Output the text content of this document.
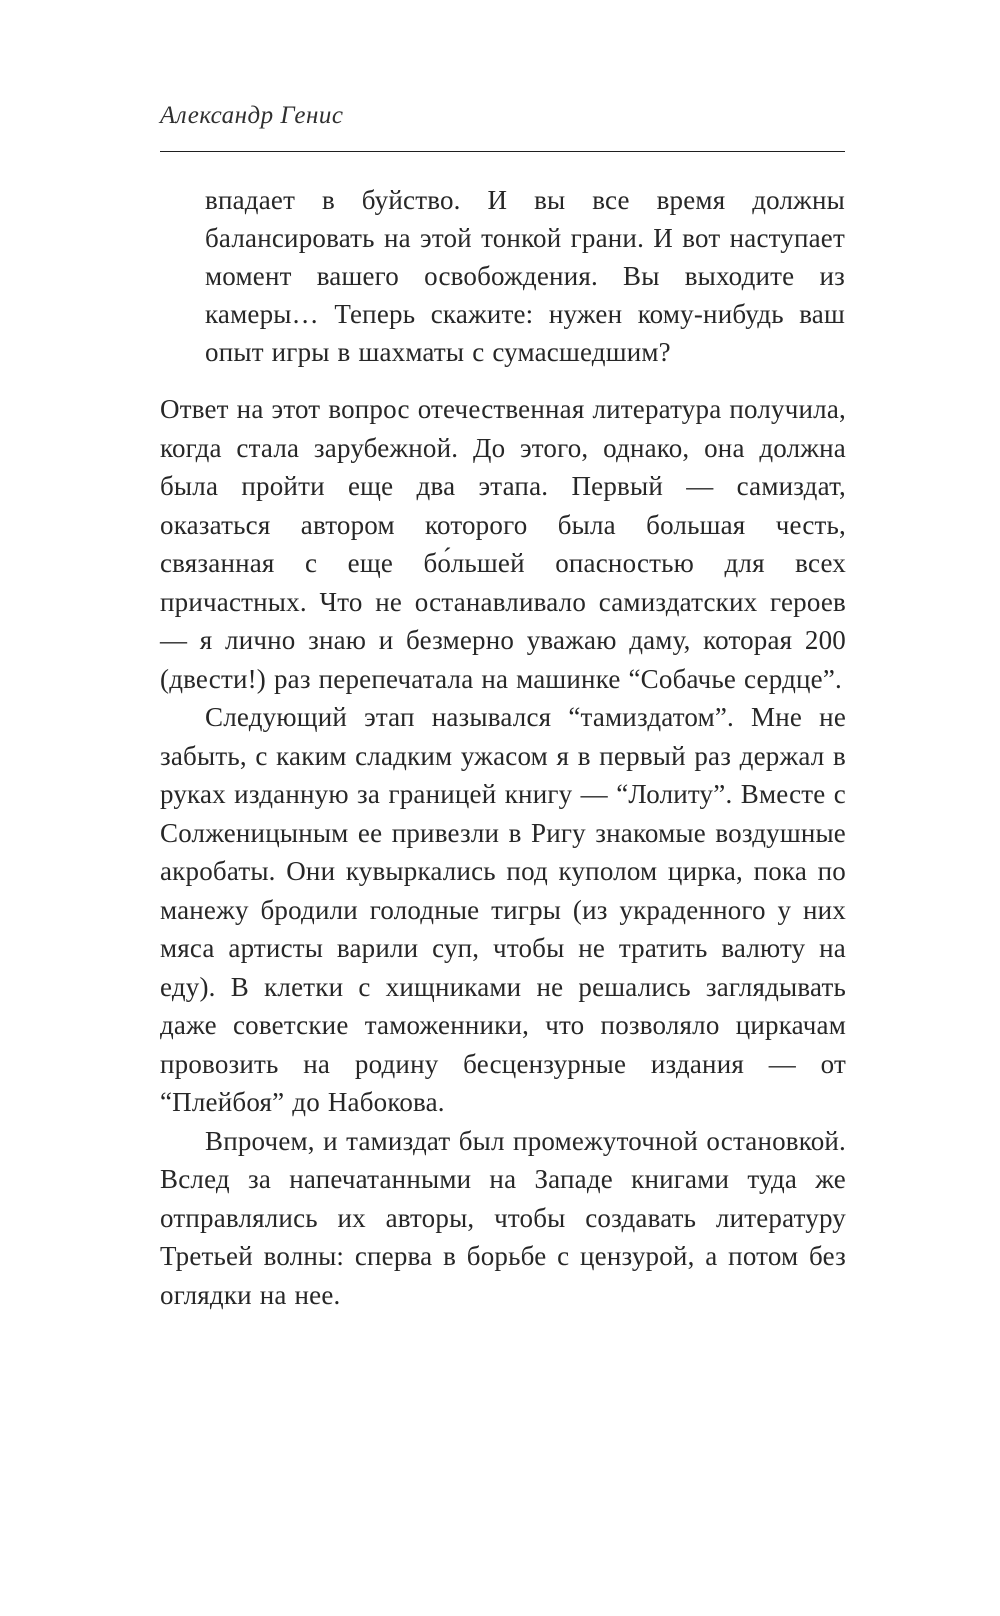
Александр Генис
впадает в буйство. И вы все время должны балансировать на этой тонкой грани. И вот наступает момент вашего освобождения. Вы выходите из камеры… Теперь скажите: нужен кому-нибудь ваш опыт игры в шахматы с сумасшедшим?

Ответ на этот вопрос отечественная литература получила, когда стала зарубежной. До этого, однако, она должна была пройти еще два этапа. Первый — самиздат, оказаться автором которого была большая честь, связанная с еще бо́льшей опасностью для всех причастных. Что не останавливало самиздатских героев — я лично знаю и безмерно уважаю даму, которая 200 (двести!) раз перепечатала на машинке “Собачье сердце”.

Следующий этап назывался “тамиздатом”. Мне не забыть, с каким сладким ужасом я в первый раз держал в руках изданную за границей книгу — “Лолиту”. Вместе с Солженицыным ее привезли в Ригу знакомые воздушные акробаты. Они кувыркались под куполом цирка, пока по манежу бродили голодные тигры (из украденного у них мяса артисты варили суп, чтобы не тратить валюту на еду). В клетки с хищниками не решались заглядывать даже советские таможенники, что позволяло циркачам провозить на родину бесцензурные издания — от “Плейбоя” до Набокова.

Впрочем, и тамиздат был промежуточной остановкой. Вслед за напечатанными на Западе книгами туда же отправлялись их авторы, чтобы создавать литературу Третьей волны: сперва в борьбе с цензурой, а потом без оглядки на нее.
